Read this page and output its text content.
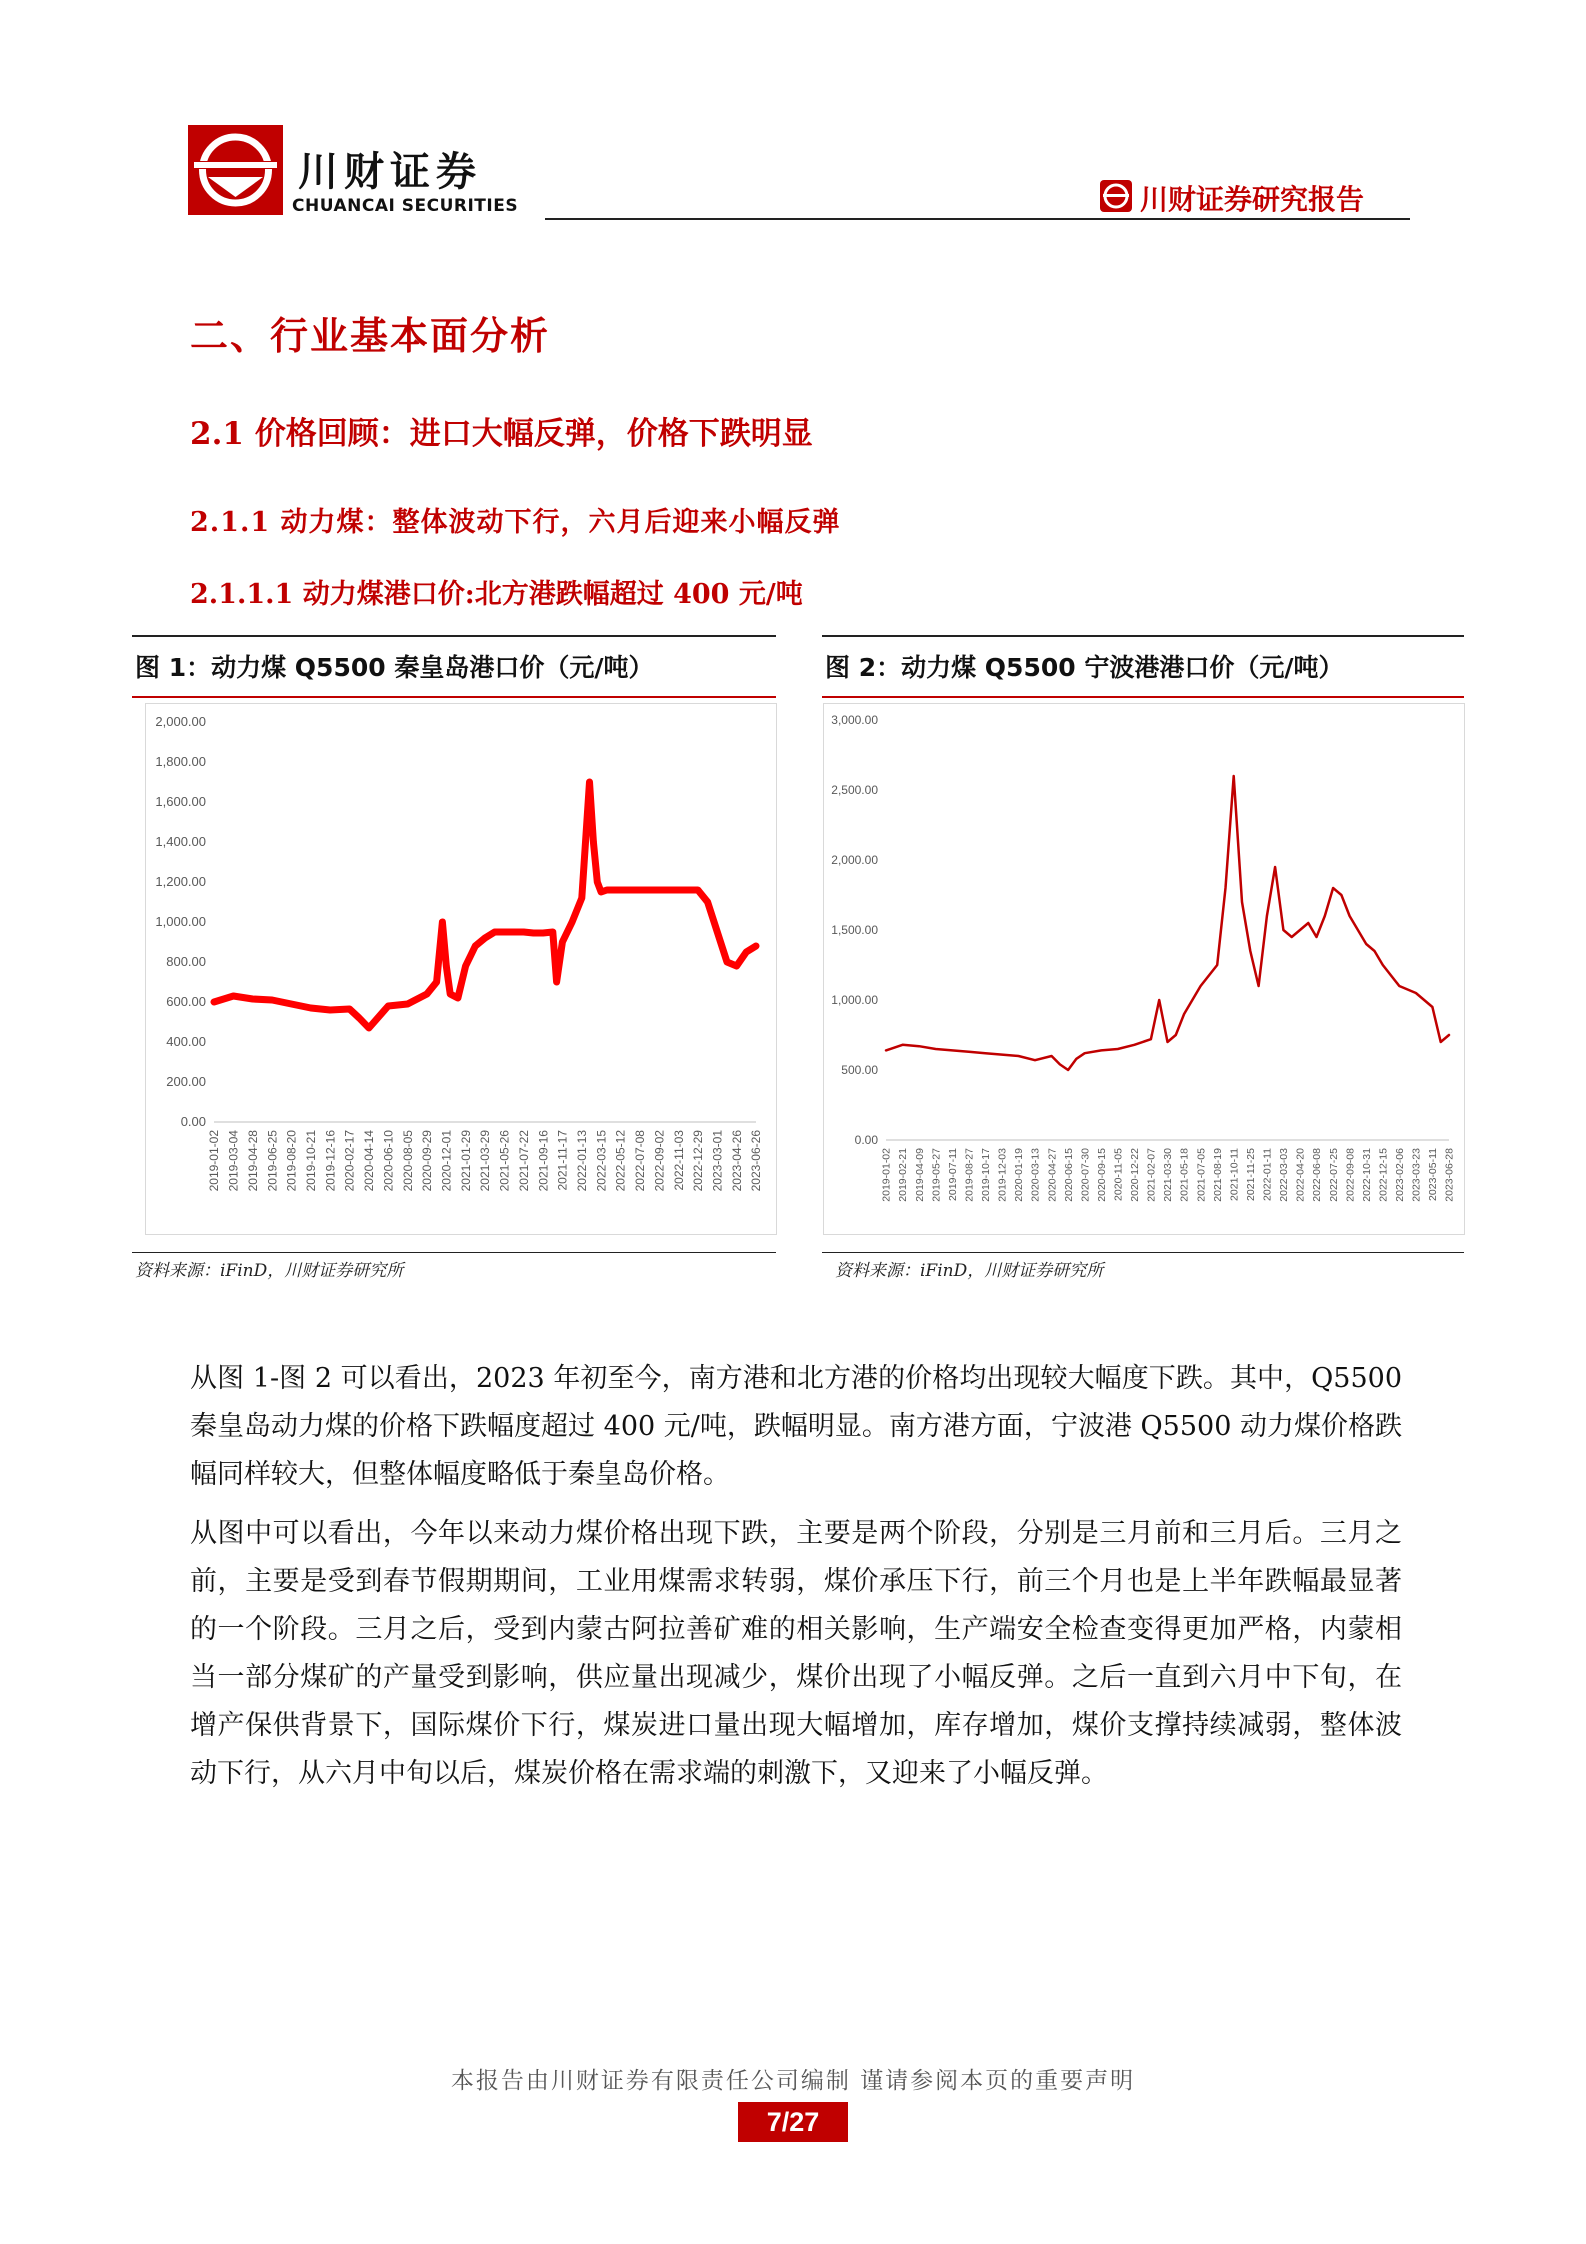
川财证券
CHUANCAI SECURITIES	川财证券研究报告
二、行业基本面分析
2.1 价格回顾：进口大幅反弹，价格下跌明显
2.1.1 动力煤：整体波动下行，六月后迎来小幅反弹
2.1.1.1 动力煤港口价:北方港跌幅超过 400 元/吨
图 1：动力煤 Q5500 秦皇岛港口价（元/吨）
0.00
200.00
400.00
600.00
800.00
1,000.00
1,200.00
1,400.00
1,600.00
1,800.00
2,000.00
2019-01-02 2019-03-04 2019-04-28 2019-06-25 2019-08-20 2019-10-21 2019-12-16 2020-02-17 2020-04-14 2020-06-10 2020-08-05 2020-09-29 2020-12-01 2021-01-29 2021-03-29 2021-05-26 2021-07-22 2021-09-16 2021-11-17 2022-01-13 2022-03-15 2022-05-12 2022-07-08 2022-09-02 2022-11-03 2022-12-29 2023-03-01 2023-04-26 2023-06-26
资料来源：iFinD，川财证券研究所
图 2：动力煤 Q5500 宁波港港口价（元/吨）
0.00
500.00
1,000.00
1,500.00
2,000.00
2,500.00
3,000.00
2019-01-02 2019-02-21 2019-04-09 2019-05-27 2019-07-11 2019-08-27 2019-10-17 2019-12-03 2020-01-19 2020-03-13 2020-04-27 2020-06-15 2020-07-30 2020-09-15 2020-11-05 2020-12-22 2021-02-07 2021-03-30 2021-05-18 2021-07-05 2021-08-19 2021-10-11 2021-11-25 2022-01-11 2022-03-03 2022-04-20 2022-06-08 2022-07-25 2022-09-08 2022-10-31 2022-12-15 2023-02-06 2023-03-23 2023-05-11 2023-06-28
资料来源：iFinD，川财证券研究所

从图 1-图 2 可以看出，2023 年初至今，南方港和北方港的价格均出现较大幅度下跌。其中，Q5500 秦皇岛动力煤的价格下跌幅度超过 400 元/吨，跌幅明显。南方港方面，宁波港 Q5500 动力煤价格跌幅同样较大，但整体幅度略低于秦皇岛价格。

从图中可以看出，今年以来动力煤价格出现下跌，主要是两个阶段，分别是三月前和三月后。三月之前，主要是受到春节假期期间，工业用煤需求转弱，煤价承压下行，前三个月也是上半年跌幅最显著的一个阶段。三月之后，受到内蒙古阿拉善矿难的相关影响，生产端安全检查变得更加严格，内蒙相当一部分煤矿的产量受到影响，供应量出现减少，煤价出现了小幅反弹。之后一直到六月中下旬，在增产保供背景下，国际煤价下行，煤炭进口量出现大幅增加，库存增加，煤价支撑持续减弱，整体波动下行，从六月中旬以后，煤炭价格在需求端的刺激下，又迎来了小幅反弹。

本报告由川财证券有限责任公司编制 谨请参阅本页的重要声明
7/27
